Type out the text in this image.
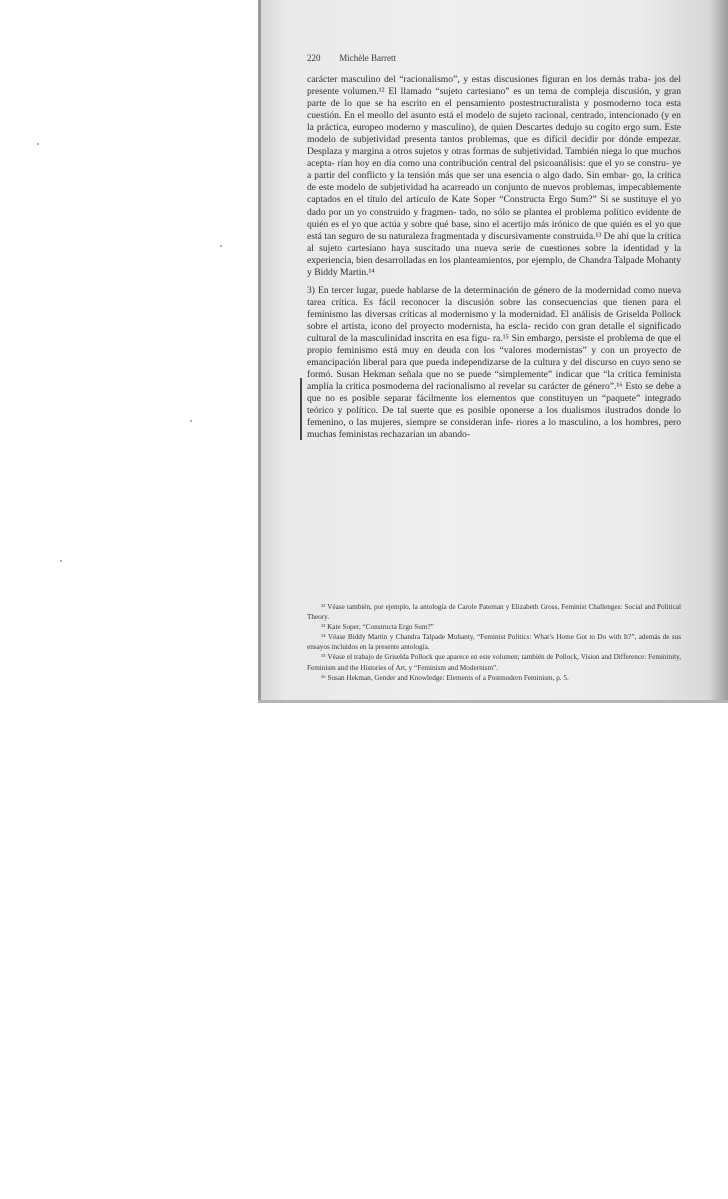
220 Michèle Barrett

carácter masculino del “racionalismo”, y estas discusiones figuran en los demás traba- jos del presente volumen.¹² El llamado “sujeto cartesiano” es un tema de compleja discusión, y gran parte de lo que se ha escrito en el pensamiento postestructuralista y posmoderno toca esta cuestión. En el meollo del asunto está el modelo de sujeto racional, centrado, intencionado (y en la práctica, europeo moderno y masculino), de quien Descartes dedujo su cogito ergo sum. Este modelo de subjetividad presenta tantos problemas, que es difícil decidir por dónde empezar. Desplaza y margina a otros sujetos y otras formas de subjetividad. También niega lo que muchos acepta- rían hoy en día como una contribución central del psicoanálisis: que el yo se constru- ye a partir del conflicto y la tensión más que ser una esencia o algo dado. Sin embar- go, la crítica de este modelo de subjetividad ha acarreado un conjunto de nuevos problemas, impecablemente captados en el título del artículo de Kate Soper “Constructa Ergo Sum?” Si se sustituye el yo dado por un yo construido y fragmen- tado, no sólo se plantea el problema político evidente de quién es el yo que actúa y sobre qué base, sino el acertijo más irónico de que quién es el yo que está tan seguro de su naturaleza fragmentada y discursivamente construida.¹³ De ahí que la crítica al sujeto cartesiano haya suscitado una nueva serie de cuestiones sobre la identidad y la experiencia, bien desarrolladas en los planteamientos, por ejemplo, de Chandra Talpade Mohanty y Biddy Martin.¹⁴

3) En tercer lugar, puede hablarse de la determinación de género de la modernidad como nueva tarea crítica. Es fácil reconocer la discusión sobre las consecuencias que tienen para el feminismo las diversas críticas al modernismo y la modernidad. El análisis de Griselda Pollock sobre el artista, icono del proyecto modernista, ha escla- recido con gran detalle el significado cultural de la masculinidad inscrita en esa figu- ra.¹⁵ Sin embargo, persiste el problema de que el propio feminismo está muy en deuda con los “valores modernistas” y con un proyecto de emancipación liberal para que pueda independizarse de la cultura y del discurso en cuyo seno se formó. Susan Hekman señala que no se puede “simplemente” indicar que “la crítica feminista amplía la crítica posmoderna del racionalismo al revelar su carácter de género”.¹⁶ Esto se debe a que no es posible separar fácilmente los elementos que constituyen un “paquete” integrado teórico y político. De tal suerte que es posible oponerse a los dualismos ilustrados donde lo femenino, o las mujeres, siempre se consideran infe- riores a lo masculino, a los hombres, pero muchas feministas rechazarían un abando-

¹² Véase también, por ejemplo, la antología de Carole Pateman y Elizabeth Gross, Feminist Challenges: Social and Political Theory.

¹³ Kate Soper, “Constructa Ergo Sum?”

¹⁴ Véase Biddy Martin y Chandra Talpade Mohanty, “Feminist Politics: What’s Home Got to Do with It?”, además de sus ensayos incluidos en la presente antología.

¹⁵ Véase el trabajo de Griselda Pollock que aparece en este volumen; también de Pollock, Vision and Difference: Femininity, Feminism and the Histories of Art, y “Feminism and Modernism”.

¹⁶ Susan Hekman, Gender and Knowledge: Elements of a Postmodern Feminism, p. 5.
